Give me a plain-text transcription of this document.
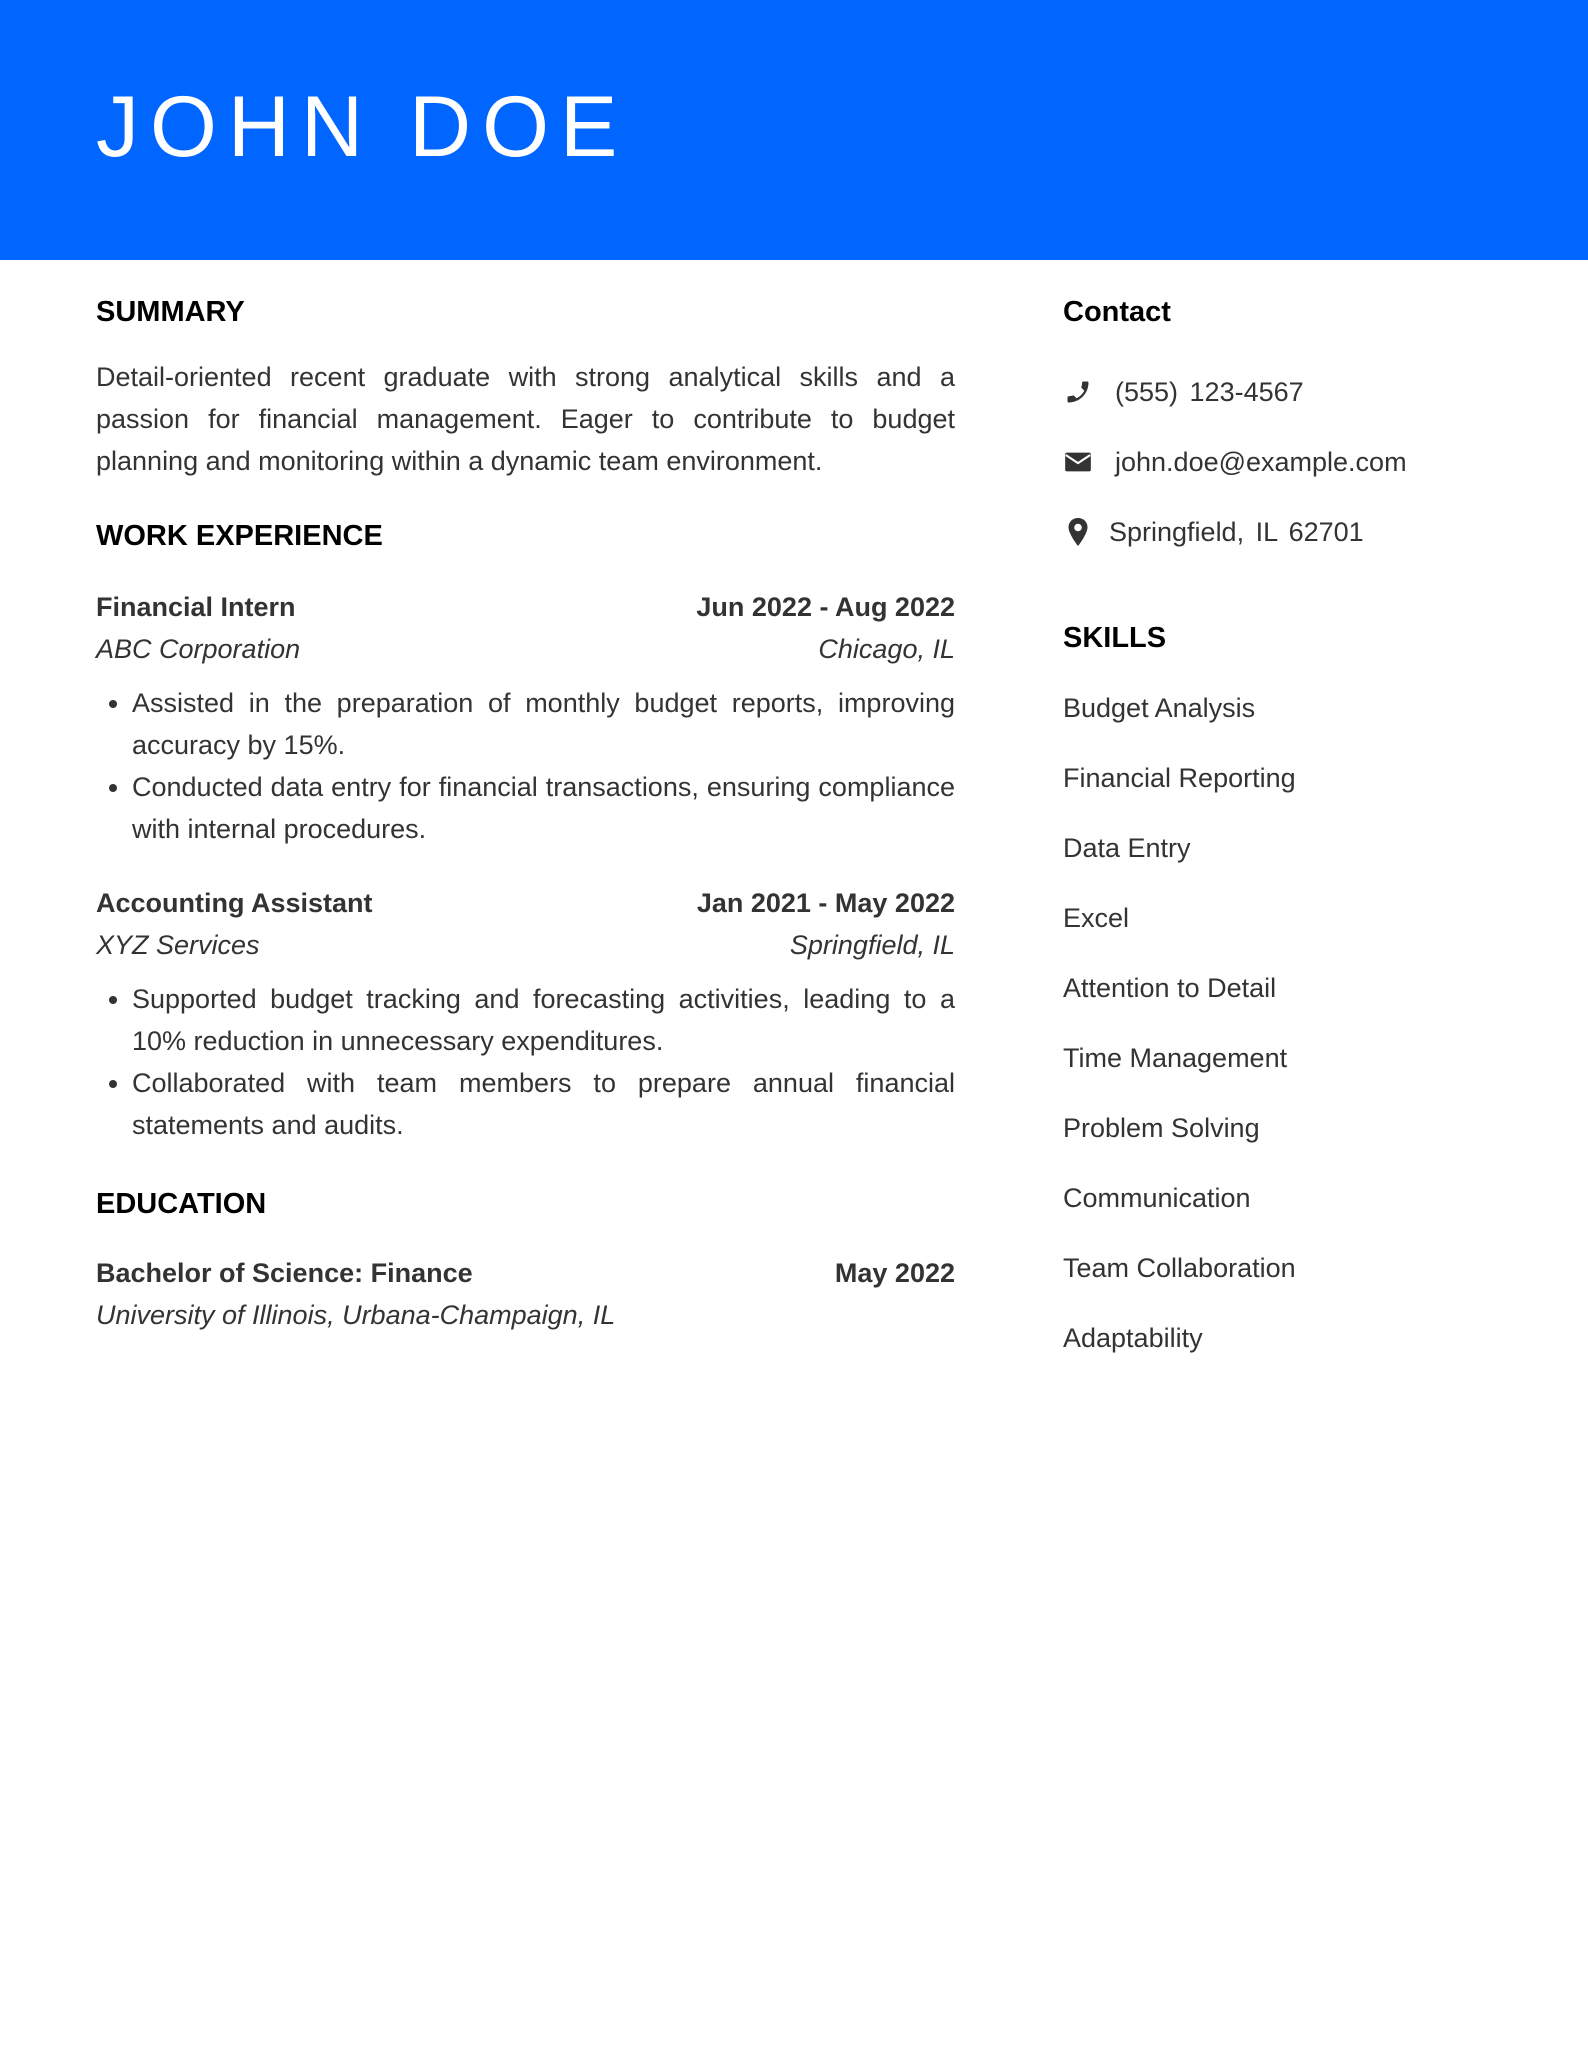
JOHN DOE
SUMMARY

Detail-oriented recent graduate with strong analytical skills and a passion for financial management. Eager to contribute to budget planning and monitoring within a dynamic team environment.

WORK EXPERIENCE
Financial Intern	Jun 2022 - Aug 2022
ABC Corporation	Chicago, IL
• Assisted in the preparation of monthly budget reports, improving accuracy by 15%.
• Conducted data entry for financial transactions, ensuring compliance with internal procedures.
Accounting Assistant	Jan 2021 - May 2022
XYZ Services	Springfield, IL
• Supported budget tracking and forecasting activities, leading to a 10% reduction in unnecessary expenditures.
• Collaborated with team members to prepare annual financial statements and audits.
EDUCATION
Bachelor of Science: Finance	May 2022
University of Illinois, Urbana-Champaign, IL
Contact
(555) 123-4567
john.doe@example.com
Springfield, IL 62701
SKILLS
Budget Analysis
Financial Reporting
Data Entry
Excel
Attention to Detail
Time Management
Problem Solving
Communication
Team Collaboration
Adaptability
